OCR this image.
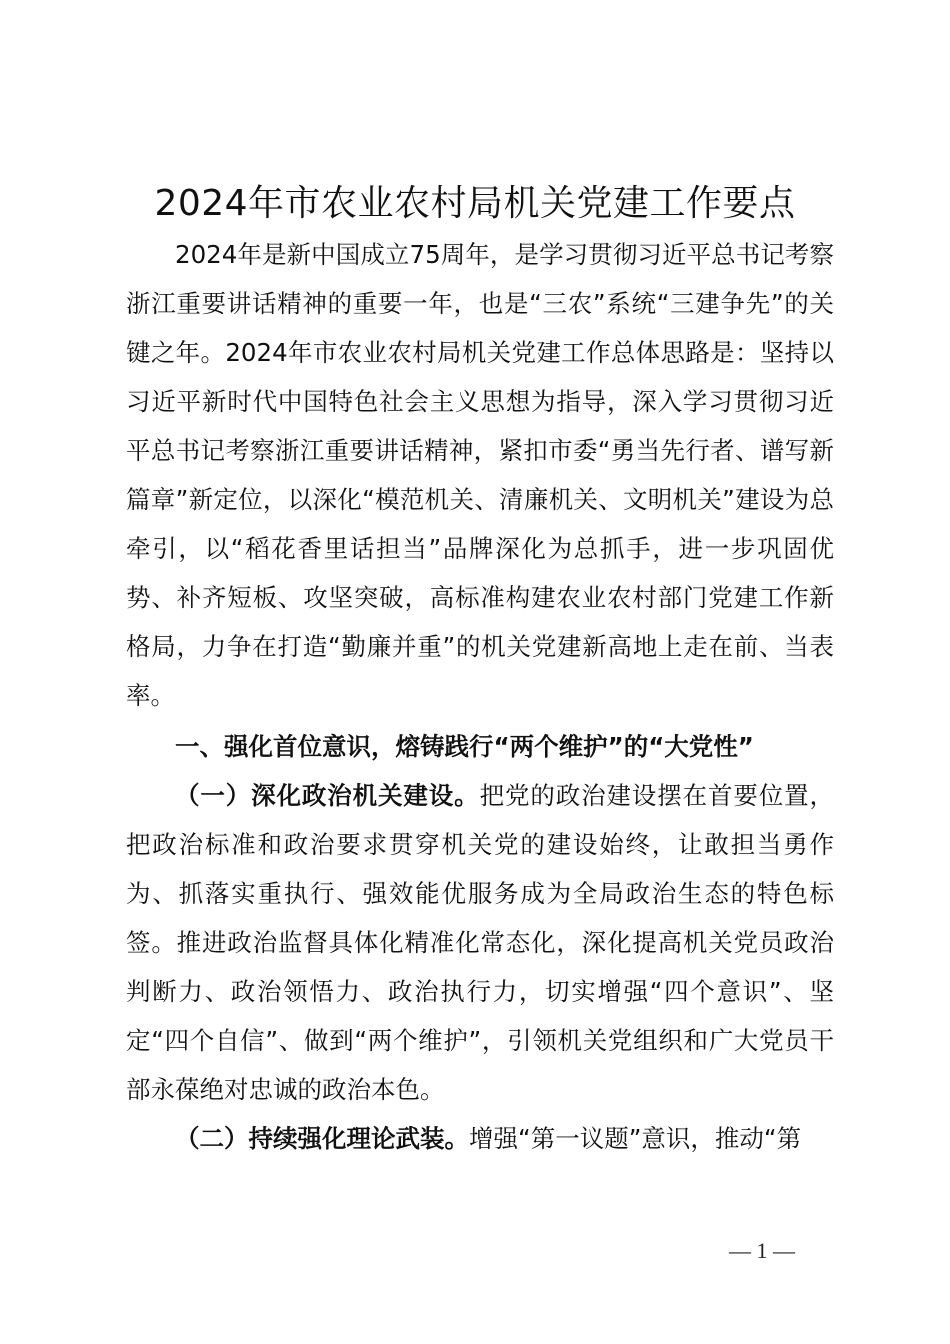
2024年市农业农村局机关党建工作要点

2024年是新中国成立75周年，是学习贯彻习近平总书记考察浙江重要讲话精神的重要一年，也是“三农”系统“三建争先”的关键之年。2024年市农业农村局机关党建工作总体思路是：坚持以习近平新时代中国特色社会主义思想为指导，深入学习贯彻习近平总书记考察浙江重要讲话精神，紧扣市委“勇当先行者、谱写新篇章”新定位，以深化“模范机关、清廉机关、文明机关”建设为总牵引，以“稻花香里话担当”品牌深化为总抓手，进一步巩固优势、补齐短板、攻坚突破，高标准构建农业农村部门党建工作新格局，力争在打造“勤廉并重”的机关党建新高地上走在前、当表率。

一、强化首位意识，熔铸践行“两个维护”的“大党性”

（一）深化政治机关建设。把党的政治建设摆在首要位置，把政治标准和政治要求贯穿机关党的建设始终，让敢担当勇作为、抓落实重执行、强效能优服务成为全局政治生态的特色标签。推进政治监督具体化精准化常态化，深化提高机关党员政治判断力、政治领悟力、政治执行力，切实增强“四个意识”、坚定“四个自信”、做到“两个维护”，引领机关党组织和广大党员干部永葆绝对忠诚的政治本色。

（二）持续强化理论武装。增强“第一议题”意识，推动“第

— 1 —
